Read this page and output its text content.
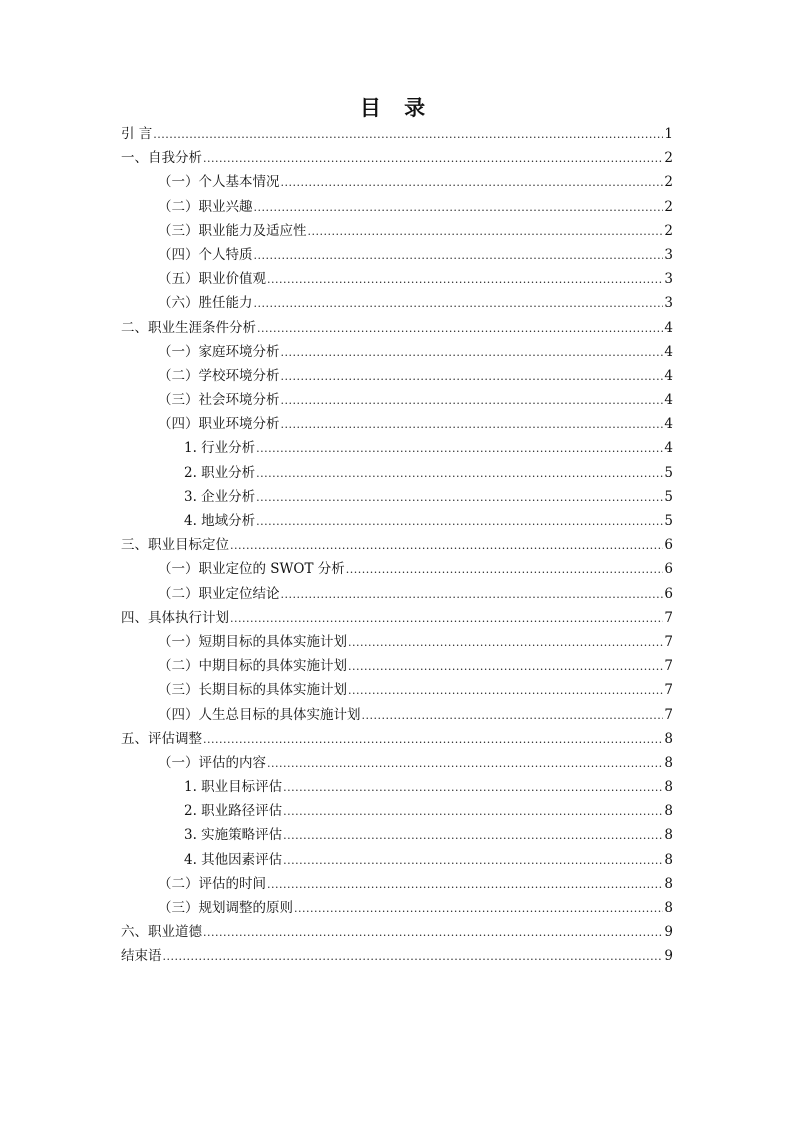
目 录
引 言 .....	1
一、自我分析 .....	2
（一）个人基本情况 .....	2
（二）职业兴趣 .....	2
（三）职业能力及适应性 .....	2
（四）个人特质 .....	3
（五）职业价值观 .....	3
（六）胜任能力 .....	3
二、职业生涯条件分析 .....	4
（一）家庭环境分析 .....	4
（二）学校环境分析 .....	4
（三）社会环境分析 .....	4
（四）职业环境分析 .....	4
1. 行业分析 .....	4
2. 职业分析 .....	5
3. 企业分析 .....	5
4. 地域分析 .....	5
三、职业目标定位 .....	6
（一）职业定位的 SWOT 分析 .....	6
（二）职业定位结论 .....	6
四、具体执行计划 .....	7
（一）短期目标的具体实施计划 .....	7
（二）中期目标的具体实施计划 .....	7
（三）长期目标的具体实施计划 .....	7
（四）人生总目标的具体实施计划 .....	7
五、评估调整 .....	8
（一）评估的内容 .....	8
1. 职业目标评估 .....	8
2. 职业路径评估 .....	8
3. 实施策略评估 .....	8
4. 其他因素评估 .....	8
（二）评估的时间 .....	8
（三）规划调整的原则 .....	8
六、职业道德 .....	9
结束语 .....	9
